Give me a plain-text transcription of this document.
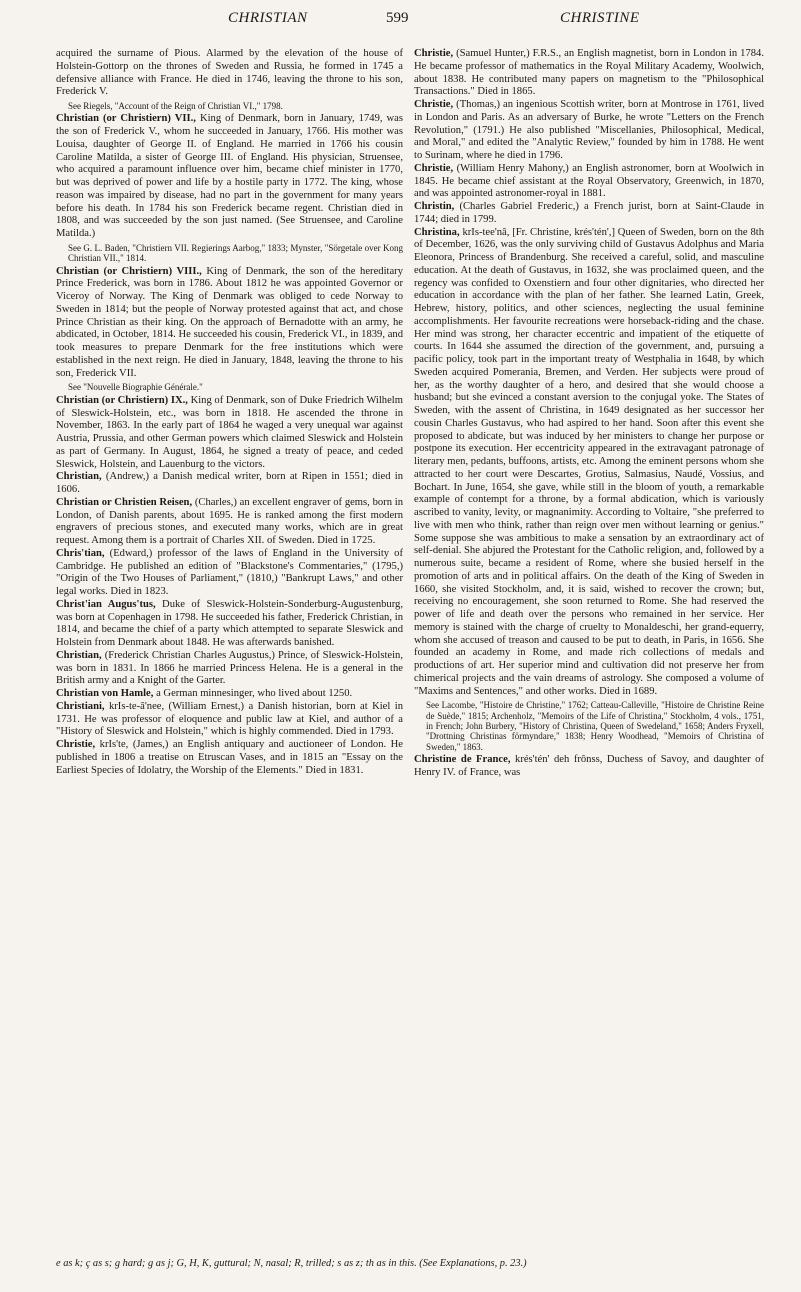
CHRISTIAN	599	CHRISTINE

acquired the surname of Pious. Alarmed by the elevation of the house of Holstein-Gottorp on the thrones of Sweden and Russia, he formed in 1745 a defensive alliance with France. He died in 1746, leaving the throne to his son, Frederick V.

See Riegels, "Account of the Reign of Christian VI.," 1798.

Christian (or Christiern) VII., King of Denmark, born in January, 1749, was the son of Frederick V., whom he succeeded in January, 1766. His mother was Louisa, daughter of George II. of England. He married in 1766 his cousin Caroline Matilda, a sister of George III. of England. His physician, Struensee, who acquired a paramount influence over him, became chief minister in 1770, but was deprived of power and life by a hostile party in 1772. The king, whose reason was impaired by disease, had no part in the government for many years before his death. In 1784 his son Frederick became regent. Christian died in 1808, and was succeeded by the son just named. (See Struensee, and Caroline Matilda.)

See G. L. Baden, "Christiern VII. Regierings Aarbog," 1833; Mynster, "Sörgetale over Kong Christian VII.," 1814.

Christian (or Christiern) VIII., King of Denmark, the son of the hereditary Prince Frederick, was born in 1786. About 1812 he was appointed Governor or Viceroy of Norway. The King of Denmark was obliged to cede Norway to Sweden in 1814; but the people of Norway protested against that act, and chose Prince Christian as their king. On the approach of Bernadotte with an army, he abdicated, in October, 1814. He succeeded his cousin, Frederick VI., in 1839, and took measures to prepare Denmark for the free institutions which were established in the next reign. He died in January, 1848, leaving the throne to his son, Frederick VII.

See "Nouvelle Biographie Générale."

Christian (or Christiern) IX., King of Denmark, son of Duke Friedrich Wilhelm of Sleswick-Holstein, etc., was born in 1818. He ascended the throne in November, 1863. In the early part of 1864 he waged a very unequal war against Austria, Prussia, and other German powers which claimed Sleswick and Holstein as part of Germany. In August, 1864, he signed a treaty of peace, and ceded Sleswick, Holstein, and Lauenburg to the victors.

Christian, (Andrew,) a Danish medical writer, born at Ripen in 1551; died in 1606.

Christian or Christien Reisen, (Charles,) an excellent engraver of gems, born in London, of Danish parents, about 1695. He is ranked among the first modern engravers of precious stones, and executed many works, which are in great request. Among them is a portrait of Charles XII. of Sweden. Died in 1725.

Chris'tian, (Edward,) professor of the laws of England in the University of Cambridge. He published an edition of "Blackstone's Commentaries," (1795,) "Origin of the Two Houses of Parliament," (1810,) "Bankrupt Laws," and other legal works. Died in 1823.

Christ'ian Augus'tus, Duke of Sleswick-Holstein-Sonderburg-Augustenburg, was born at Copenhagen in 1798. He succeeded his father, Frederick Christian, in 1814, and became the chief of a party which attempted to separate Sleswick and Holstein from Denmark about 1848. He was afterwards banished.

Christian, (Frederick Christian Charles Augustus,) Prince, of Sleswick-Holstein, was born in 1831. In 1866 he married Princess Helena. He is a general in the British army and a Knight of the Garter.

Christian von Hamle, a German minnesinger, who lived about 1250.

Christiani, krIs-te-â'nee, (William Ernest,) a Danish historian, born at Kiel in 1731. He was professor of eloquence and public law at Kiel, and author of a "History of Sleswick and Holstein," which is highly commended. Died in 1793.

Christie, krIs'te, (James,) an English antiquary and auctioneer of London. He published in 1806 a treatise on Etruscan Vases, and in 1815 an "Essay on the Earliest Species of Idolatry, the Worship of the Elements." Died in 1831.

Christie, (Samuel Hunter,) F.R.S., an English magnetist, born in London in 1784. He became professor of mathematics in the Royal Military Academy, Woolwich, about 1838. He contributed many papers on magnetism to the "Philosophical Transactions." Died in 1865.

Christie, (Thomas,) an ingenious Scottish writer, born at Montrose in 1761, lived in London and Paris. As an adversary of Burke, he wrote "Letters on the French Revolution," (1791.) He also published "Miscellanies, Philosophical, Medical, and Moral," and edited the "Analytic Review," founded by him in 1788. He went to Surinam, where he died in 1796.

Christie, (William Henry Mahony,) an English astronomer, born at Woolwich in 1845. He became chief assistant at the Royal Observatory, Greenwich, in 1870, and was appointed astronomer-royal in 1881.

Christin, (Charles Gabriel Frederic,) a French jurist, born at Saint-Claude in 1744; died in 1799.

Christina, krIs-tee'nâ, [Fr. Christine, krés'tén',] Queen of Sweden, born on the 8th of December, 1626, was the only surviving child of Gustavus Adolphus and Maria Eleonora, Princess of Brandenburg. She received a careful, solid, and masculine education. At the death of Gustavus, in 1632, she was proclaimed queen, and the regency was confided to Oxenstiern and four other dignitaries, who directed her education in accordance with the plan of her father. She learned Latin, Greek, Hebrew, history, politics, and other sciences, neglecting the usual feminine accomplishments. Her favourite recreations were horseback-riding and the chase. Her mind was strong, her character eccentric and impatient of the etiquette of courts. In 1644 she assumed the direction of the government, and, pursuing a pacific policy, took part in the important treaty of Westphalia in 1648, by which Sweden acquired Pomerania, Bremen, and Verden. Her subjects were proud of her, as the worthy daughter of a hero, and desired that she would choose a husband; but she evinced a constant aversion to the conjugal yoke. The States of Sweden, with the assent of Christina, in 1649 designated as her successor her cousin Charles Gustavus, who had aspired to her hand. Soon after this event she proposed to abdicate, but was induced by her ministers to change her purpose or postpone its execution. Her eccentricity appeared in the extravagant patronage of literary men, pedants, buffoons, artists, etc. Among the eminent persons whom she attracted to her court were Descartes, Grotius, Salmasius, Naudé, Vossius, and Bochart. In June, 1654, she gave, while still in the bloom of youth, a remarkable example of contempt for a throne, by a formal abdication, which is variously ascribed to vanity, levity, or magnanimity. According to Voltaire, "she preferred to live with men who think, rather than reign over men without learning or genius." Some suppose she was ambitious to make a sensation by an extraordinary act of self-denial. She abjured the Protestant for the Catholic religion, and, followed by a numerous suite, became a resident of Rome, where she busied herself in the promotion of arts and in political affairs. On the death of the King of Sweden in 1660, she visited Stockholm, and, it is said, wished to recover the crown; but, receiving no encouragement, she soon returned to Rome. She had reserved the power of life and death over the persons who remained in her service. Her memory is stained with the charge of cruelty to Monaldeschi, her grand-equerry, whom she accused of treason and caused to be put to death, in Paris, in 1656. She founded an academy in Rome, and made rich collections of medals and productions of art. Her superior mind and cultivation did not preserve her from chimerical projects and the vain dreams of astrology. She composed a volume of "Maxims and Sentences," and other works. Died in 1689.

See Lacombe, "Histoire de Christine," 1762; Catteau-Calleville, "Histoire de Christine Reine de Suède," 1815; Archenholz, "Memoirs of the Life of Christina," Stockholm, 4 vols., 1751, in French; John Burbery, "History of Christina, Queen of Swedeland," 1658; Anders Fryxell, "Drottning Christinas förmyndare," 1838; Henry Woodhead, "Memoirs of Christina of Sweden," 1863.

Christine de France, krés'tén' deh frônss, Duchess of Savoy, and daughter of Henry IV. of France, was

e as k; ç as s; g hard; g as j; G, H, K, guttural; N, nasal; R, trilled; s as z; th as in this. (See Explanations, p. 23.)
